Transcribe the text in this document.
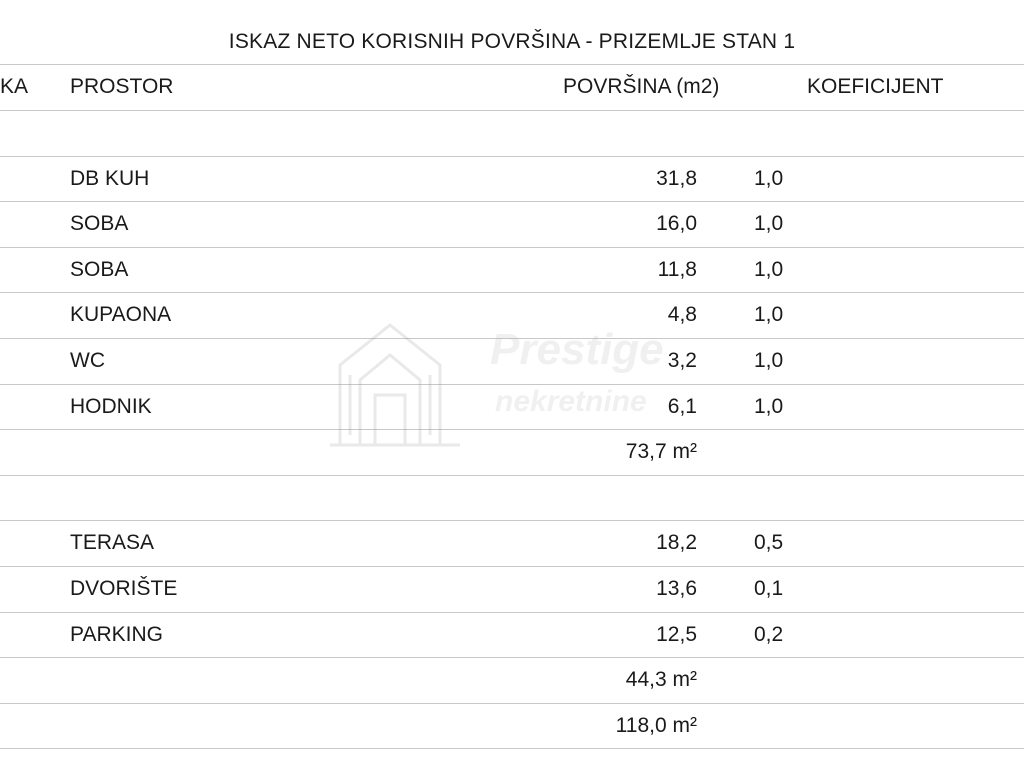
ISKAZ NETO KORISNIH POVRŠINA - PRIZEMLJE STAN 1
KA PROSTOR	POVRŠINA (m2)	KOEFICIJENT
Prestige
nekretnine
DB KUH	31,8	1,0
SOBA	16,0	1,0
SOBA	11,8	1,0
KUPAONA	4,8	1,0
WC	3,2	1,0
HODNIK	6,1	1,0
73,7 m²
TERASA	18,2	0,5
DVORIŠTE	13,6	0,1
PARKING	12,5	0,2
44,3 m²
118,0 m²
